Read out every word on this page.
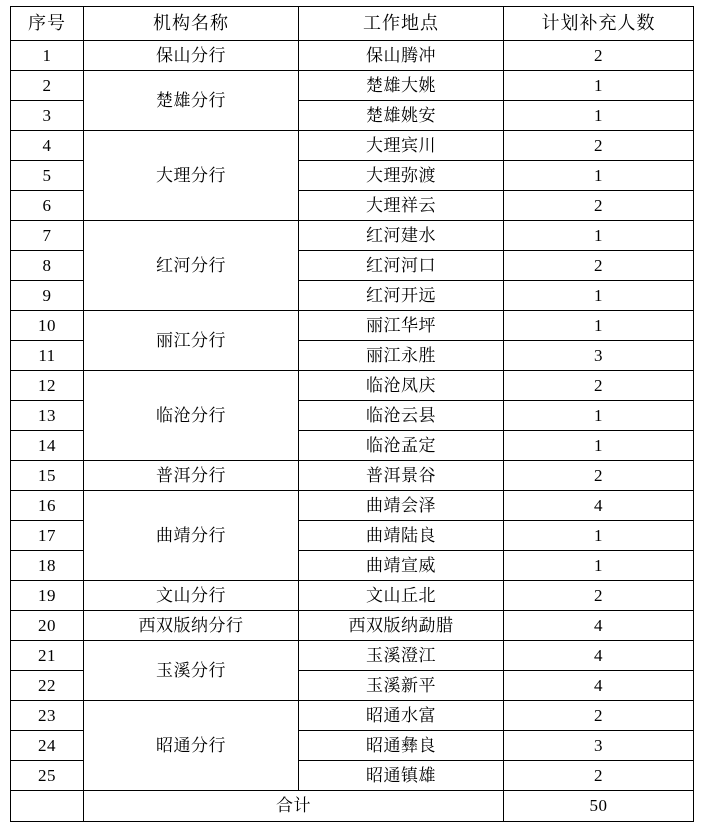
序号	机构名称	工作地点	计划补充人数
1	保山分行	保山腾冲	2
2	楚雄分行	楚雄大姚	1
3		楚雄姚安	1
4	大理分行	大理宾川	2
5		大理弥渡	1
6		大理祥云	2
7	红河分行	红河建水	1
8		红河河口	2
9		红河开远	1
10	丽江分行	丽江华坪	1
11		丽江永胜	3
12	临沧分行	临沧凤庆	2
13		临沧云县	1
14		临沧孟定	1
15	普洱分行	普洱景谷	2
16	曲靖分行	曲靖会泽	4
17		曲靖陆良	1
18		曲靖宣威	1
19	文山分行	文山丘北	2
20	西双版纳分行	西双版纳勐腊	4
21	玉溪分行	玉溪澄江	4
22		玉溪新平	4
23	昭通分行	昭通水富	2
24		昭通彝良	3
25		昭通镇雄	2
	合计		50
